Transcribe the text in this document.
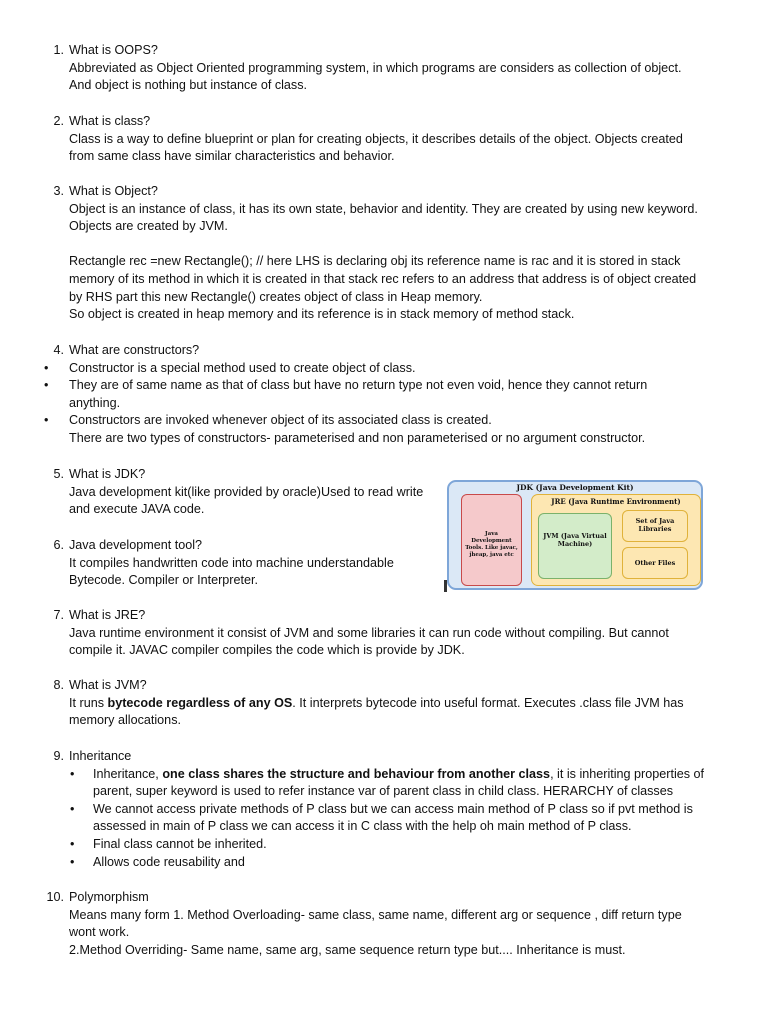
1. What is OOPS?
Abbreviated as Object Oriented programming system, in which programs are considers as collection of object.
And object is nothing but instance of class.
2. What is class?
Class is a way to define blueprint or plan for creating objects, it describes details of the object. Objects created
from same class have similar characteristics and behavior.
3. What is Object?
Object is an instance of class, it has its own state, behavior and identity. They are created by using new keyword.
Objects are created by JVM.
Rectangle rec =new Rectangle(); // here LHS is declaring obj its reference name is rac and it is stored in stack
memory of its method in which it is created in that stack rec refers to an address that address is of object created
by RHS part this new Rectangle() creates object of class in Heap memory.
So object is created in heap memory and its reference is in stack memory of method stack.
4. What are constructors?
Constructor is a special method used to create object of class.
They are of same name as that of class but have no return type not even void, hence they cannot return
anything.
Constructors are invoked whenever object of its associated class is created.
There are two types of constructors- parameterised and non parameterised or no argument constructor.
•
•
•
5. What is JDK?
Java development kit(like provided by oracle)Used to read write
and execute JAVA code.
6. Java development tool?
It compiles handwritten code into machine understandable
Bytecode. Compiler or Interpreter.
JDK (Java Development Kit)
Java Development Tools. Like javac, jheap, java etc
JRE (Java Runtime Environment)
JVM (Java Virtual Machine)
Set of Java Libraries
Other Files
7. What is JRE?
Java runtime environment it consist of JVM and some libraries it can run code without compiling. But cannot
compile it. JAVAC compiler compiles the code which is provide by JDK.
8. What is JVM?
It runs bytecode regardless of any OS. It interprets bytecode into useful format. Executes .class file JVM has
memory allocations.
9. Inheritance
Inheritance, one class shares the structure and behaviour from another class, it is inheriting properties of
parent, super keyword is used to refer instance var of parent class in child class. HERARCHY of classes
We cannot access private methods of P class but we can access main method of P class so if pvt method is
assessed in main of P class we can access it in C class with the help oh main method of P class.
Final class cannot be inherited.
Allows code reusability and
•
•
•
•
10. Polymorphism
Means many form 1. Method Overloading- same class, same name, different arg or sequence , diff return type
wont work.
2.Method Overriding- Same name, same arg, same sequence return type but.... Inheritance is must.
